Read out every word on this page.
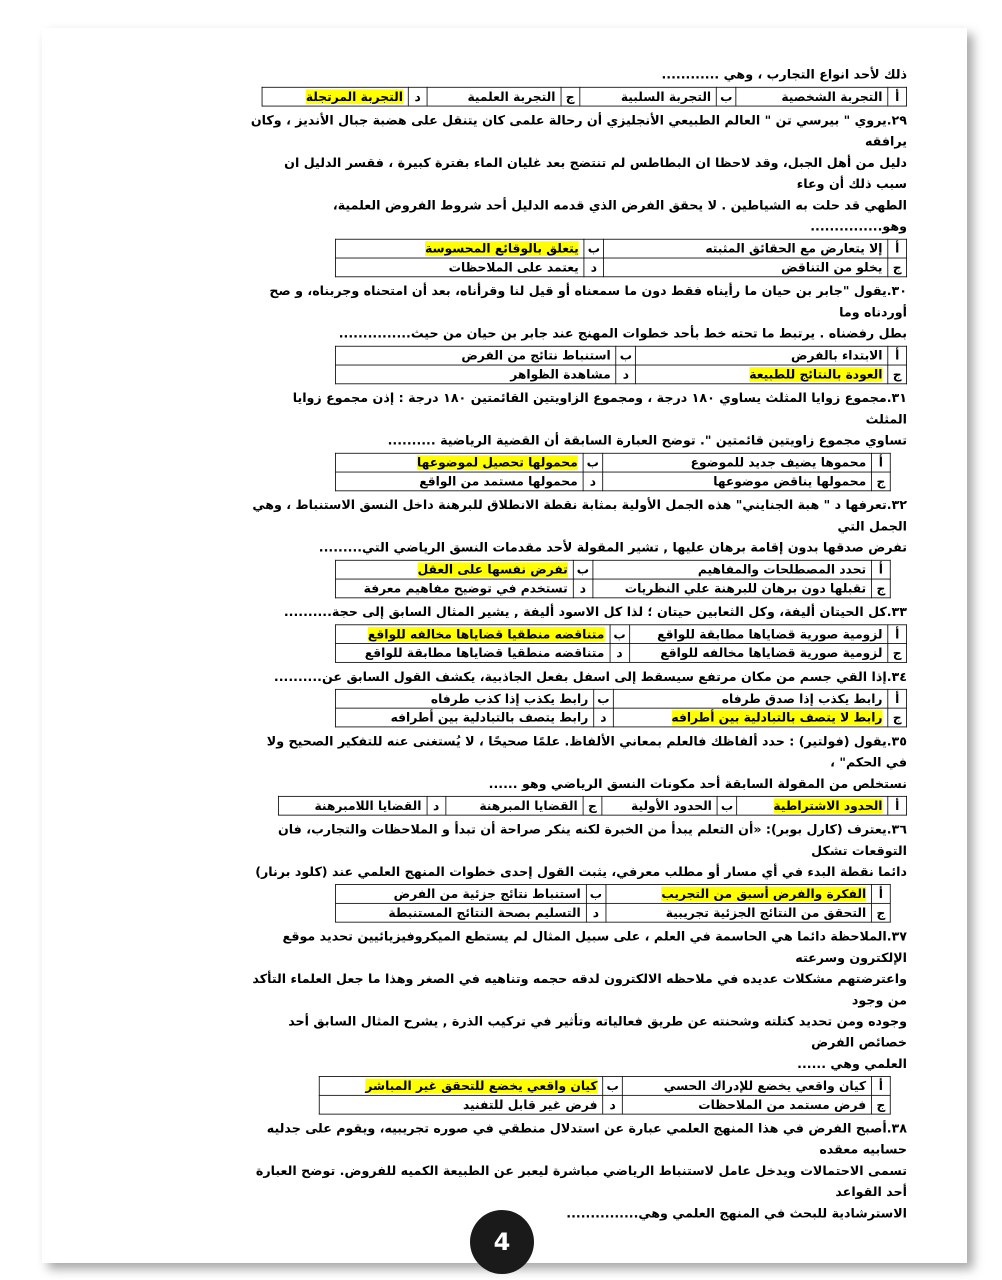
ذلك لأحد انواع التجارب ، وهي ............

أ	التجربة الشخصية	ب	التجربة السلبية	ج	التجربة العلمية	د	التجربة المرتجلة

٢٩.يروي " بيرسي تن " العالم الطبيعي الأنجليزي أن رحالة علمى كان يتنقل على هضبة جبال الأنديز ، وكان يرافقه

دليل من أهل الجبل، وقد لاحظا ان البطاطس لم تنتضج بعد غليان الماء بفترة كبيرة ، فقسر الدليل ان سبب ذلك أن وعاء

الطهي قد حلت به الشياطين . لا يحقق الفرض الذي قدمه الدليل أحد شروط الفروض العلمية، وهو...............

أ	إلا يتعارض مع الحقائق المثبته	ب	يتعلق بالوقائع المحسوسة
ج	يخلو من التناقض	د	يعتمد على الملاحظات

٣٠.يقول "جابر بن حيان ما رأيناه فقط دون ما سمعناه أو قيل لنا وقرأناه، بعد أن امتحناه وجربناه، و صح أوردناه وما

بطل رفضناه . يرتبط ما تحته خط بأحد خطوات المهنج عند جابر بن حيان من حيث...............

أ	الابتداء بالفرض	ب	استنباط نتائج من الفرض
ج	العودة بالنتائج للطبيعة	د	مشاهدة الظواهر

٣١.مجموع زوايا المثلث يساوي ١٨٠ درجة ، ومجموع الزاويتين القائمتين ١٨٠ درجة : إذن مجموع زوايا المثلث

تساوي مجموع زاويتين قائمتين ". توضح العبارة السابقة أن القضية الرياضية ..........

أ	محموها يضيف جديد للموضوع	ب	محمولها تحصيل لموضوعها
ج	محمولها يناقض موضوعها	د	محمولها مستمد من الواقع

٣٢.تعرفها د " هبة الجنايني" هذه الجمل الأولية بمثابة نقطة الانطلاق للبرهنة داخل النسق الاستنباط ، وهي الجمل التي

تفرض صدقها بدون إقامة برهان عليها , تشير المقولة لأحد مقدمات النسق الرياضي التي.........

أ	تحدد المصطلحات والمفاهيم	ب	تفرض نفسها على العقل
ج	تقبلها دون برهان للبرهنة علي النظريات	د	تستخدم في توضيح مفاهيم معرفة

٣٣.كل الحيتان أليفة، وكل الثعابين حيتان ؛ لذا كل الاسود أليفة , يشير المثال السابق إلى حجة..........

أ	لزومية صورية قضاياها مطابقة للواقع	ب	متناقضه منطقيا قضاياها مخالفه للواقع
ج	لزومية صورية قضاياها مخالفه للواقع	د	متناقضه منطقيا قضاياها مطابقة للواقع

٣٤.إذا القي جسم من مكان مرتفع سيسقط إلى اسفل بفعل الجاذبية، يكشف القول السابق عن..........

أ	رابط يكذب إذا صدق طرفاه	ب	رابط يكذب إذا كذب طرفاه
ج	رابط لا يتصف بالتبادلية بين أطرافه	د	رابط يتصف بالتبادلية بين أطرافه

٣٥.يقول (فولتير) : حدد ألفاظك فالعلم بمعاني الألفاظ. علمًا صحيحًا ، لا يُستغنى عنه للتفكير الصحيح ولا في الحكم" ،

نستخلص من المقولة السابقة أحد مكونات النسق الرياضي وهو ......

أ	الحدود الاشتراطية	ب	الحدود الأولية	ج	القضايا المبرهنة	د	القضايا اللامبرهنة

٣٦.يعترف (كارل بوبر): «أن التعلم يبدأ من الخبرة لكنه ينكر صراحة أن تبدأ و الملاحظات والتجارب، فان التوقعات تشكل

دائما نقطة البدء في أي مسار أو مطلب معرفي، يثبت القول إحدى خطوات المنهج العلمي عند (كلود برنار)

أ	الفكرة والفرض أسبق من التجريب	ب	استنباط نتائج جزئية من الفرض
ج	التحقق من النتائج الجزئية تجريبية	د	التسليم بصحة النتائج المستنبطة

٣٧.الملاحظة دائما هي الحاسمة في العلم ، على سبيل المثال لم يستطع الميكروفيزيائيين تحديد موقع الإلكترون وسرعته

واعترضتهم مشكلات عديده في ملاحظه الالكترون لدقه حجمه وتناهيه في الصغر وهذا ما جعل العلماء التأكد من وجود

وجوده ومن تحديد كتلته وشحنته عن طريق فعالياته وتأثير في تركيب الذرة , يشرح المثال السابق أحد خصائص الفرض

العلمي وهي ......

أ	كيان واقعي يخضع للإدراك الحسي	ب	كيان واقعي يخضع للتحقق غير المباشر
ج	فرض مستمد من الملاحظات	د	فرض غير قابل للتفنيد

٣٨.أصبح الفرض في هذا المنهج العلمي عبارة عن استدلال منطقي في صوره تجريبيه، ويقوم على جدليه حسابيه معقده

تسمى الاحتمالات ويدخل عامل لاستنباط الرياضي مباشرة ليعبر عن الطبيعة الكميه للفروض. توضح العبارة أحد القواعد

الاسترشادية للبحث في المنهج العلمي وهي...............

4
